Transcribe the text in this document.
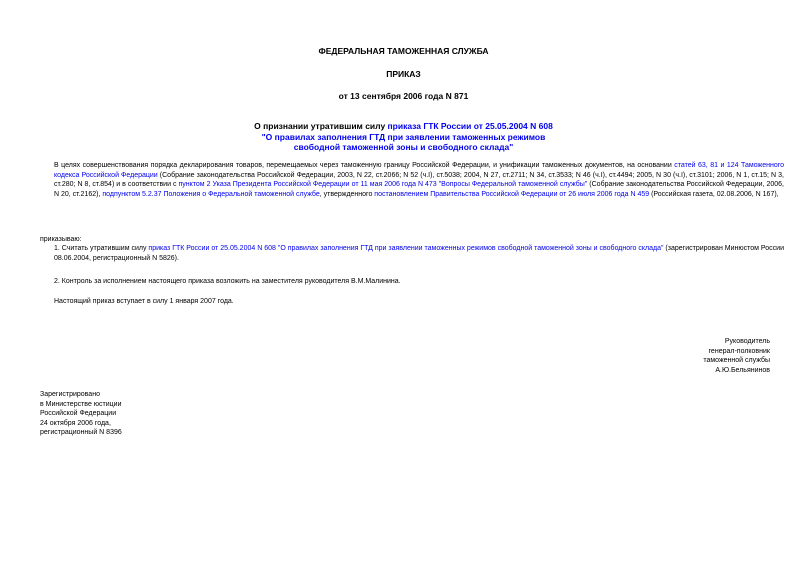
ФЕДЕРАЛЬНАЯ ТАМОЖЕННАЯ СЛУЖБА
ПРИКАЗ
от 13 сентября 2006 года N 871
О признании утратившим силу приказа ГТК России от 25.05.2004 N 608
"О правилах заполнения ГТД при заявлении таможенных режимов
свободной таможенной зоны и свободного склада"
В целях совершенствования порядка декларирования товаров, перемещаемых через таможенную границу Российской Федерации, и унификации таможенных документов, на основании статей 63, 81 и 124 Таможенного кодекса Российской Федерации (Собрание законодательства Российской Федерации, 2003, N 22, ст.2066; N 52 (ч.I), ст.5038; 2004, N 27, ст.2711; N 34, ст.3533; N 46 (ч.I), ст.4494; 2005, N 30 (ч.I), ст.3101; 2006, N 1, ст.15; N 3, ст.280; N 8, ст.854) и в соответствии с пунктом 2 Указа Президента Российской Федерации от 11 мая 2006 года N 473 "Вопросы Федеральной таможенной службы" (Собрание законодательства Российской Федерации, 2006, N 20, ст.2162), подпунктом 5.2.37 Положения о Федеральной таможенной службе, утвержденного постановлением Правительства Российской Федерации от 26 июля 2006 года N 459 (Российская газета, 02.08.2006, N 167),
приказываю:
1. Считать утратившим силу приказ ГТК России от 25.05.2004 N 608 "О правилах заполнения ГТД при заявлении таможенных режимов свободной таможенной зоны и свободного склада" (зарегистрирован Минюстом России 08.06.2004, регистрационный N 5826).
2. Контроль за исполнением настоящего приказа возложить на заместителя руководителя В.М.Малинина.
Настоящий приказ вступает в силу 1 января 2007 года.
Руководитель
генерал-полковник
таможенной службы
А.Ю.Бельянинов
Зарегистрировано
в Министерстве юстиции
Российской Федерации
24 октября 2006 года,
регистрационный N 8396
